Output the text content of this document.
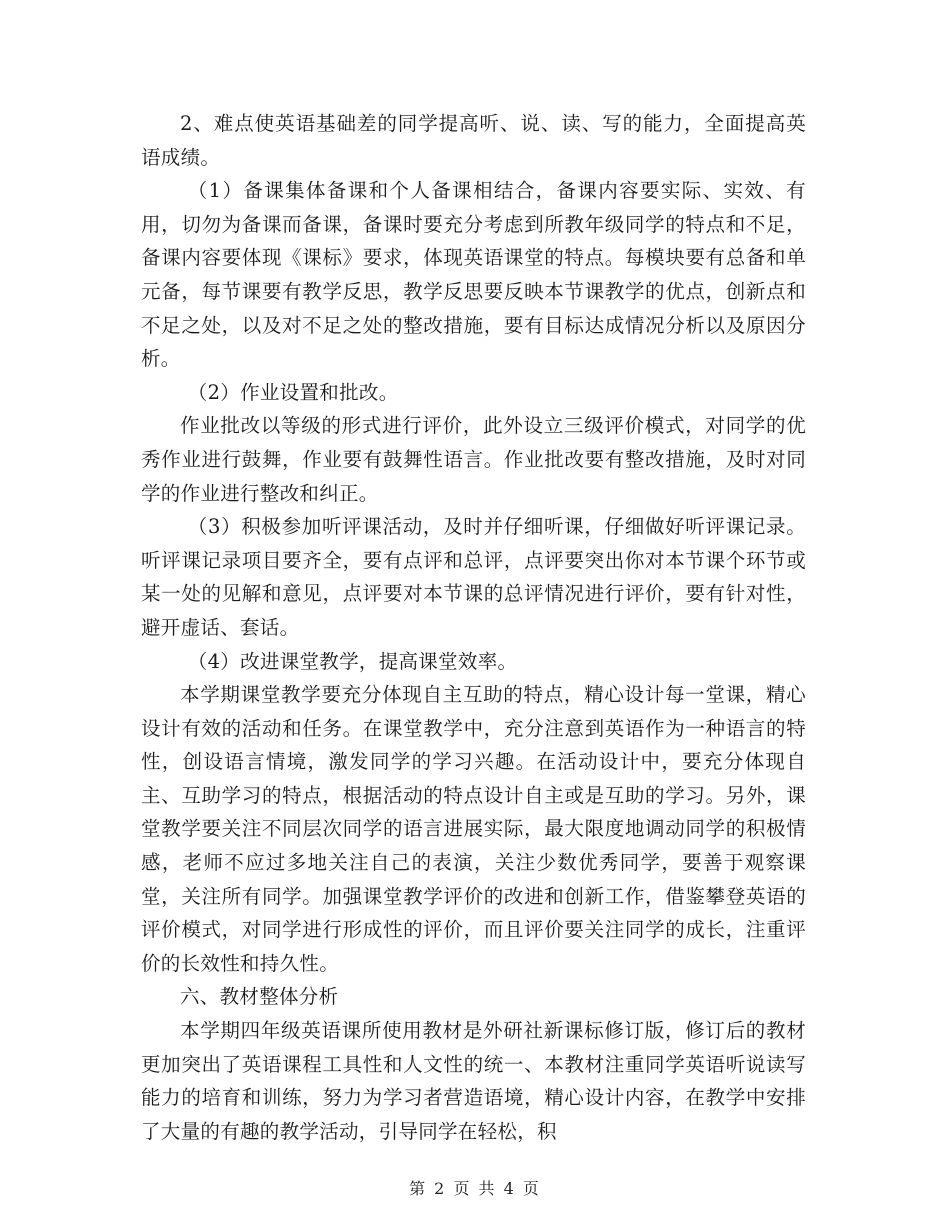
2、难点使英语基础差的同学提高听、说、读、写的能力，全面提高英语成绩。

（1）备课集体备课和个人备课相结合，备课内容要实际、实效、有用，切勿为备课而备课，备课时要充分考虑到所教年级同学的特点和不足，备课内容要体现《课标》要求，体现英语课堂的特点。每模块要有总备和单元备，每节课要有教学反思，教学反思要反映本节课教学的优点，创新点和不足之处，以及对不足之处的整改措施，要有目标达成情况分析以及原因分析。

（2）作业设置和批改。

作业批改以等级的形式进行评价，此外设立三级评价模式，对同学的优秀作业进行鼓舞，作业要有鼓舞性语言。作业批改要有整改措施，及时对同学的作业进行整改和纠正。

（3）积极参加听评课活动，及时并仔细听课，仔细做好听评课记录。听评课记录项目要齐全，要有点评和总评，点评要突出你对本节课个环节或某一处的见解和意见，点评要对本节课的总评情况进行评价，要有针对性，避开虚话、套话。

（4）改进课堂教学，提高课堂效率。

本学期课堂教学要充分体现自主互助的特点，精心设计每一堂课，精心设计有效的活动和任务。在课堂教学中，充分注意到英语作为一种语言的特性，创设语言情境，激发同学的学习兴趣。在活动设计中，要充分体现自主、互助学习的特点，根据活动的特点设计自主或是互助的学习。另外，课堂教学要关注不同层次同学的语言进展实际，最大限度地调动同学的积极情感，老师不应过多地关注自己的表演，关注少数优秀同学，要善于观察课堂，关注所有同学。加强课堂教学评价的改进和创新工作，借鉴攀登英语的评价模式，对同学进行形成性的评价，而且评价要关注同学的成长，注重评价的长效性和持久性。

六、教材整体分析

本学期四年级英语课所使用教材是外研社新课标修订版，修订后的教材更加突出了英语课程工具性和人文性的统一、本教材注重同学英语听说读写能力的培育和训练，努力为学习者营造语境，精心设计内容，在教学中安排了大量的有趣的教学活动，引导同学在轻松，积

第 2 页 共 4 页
